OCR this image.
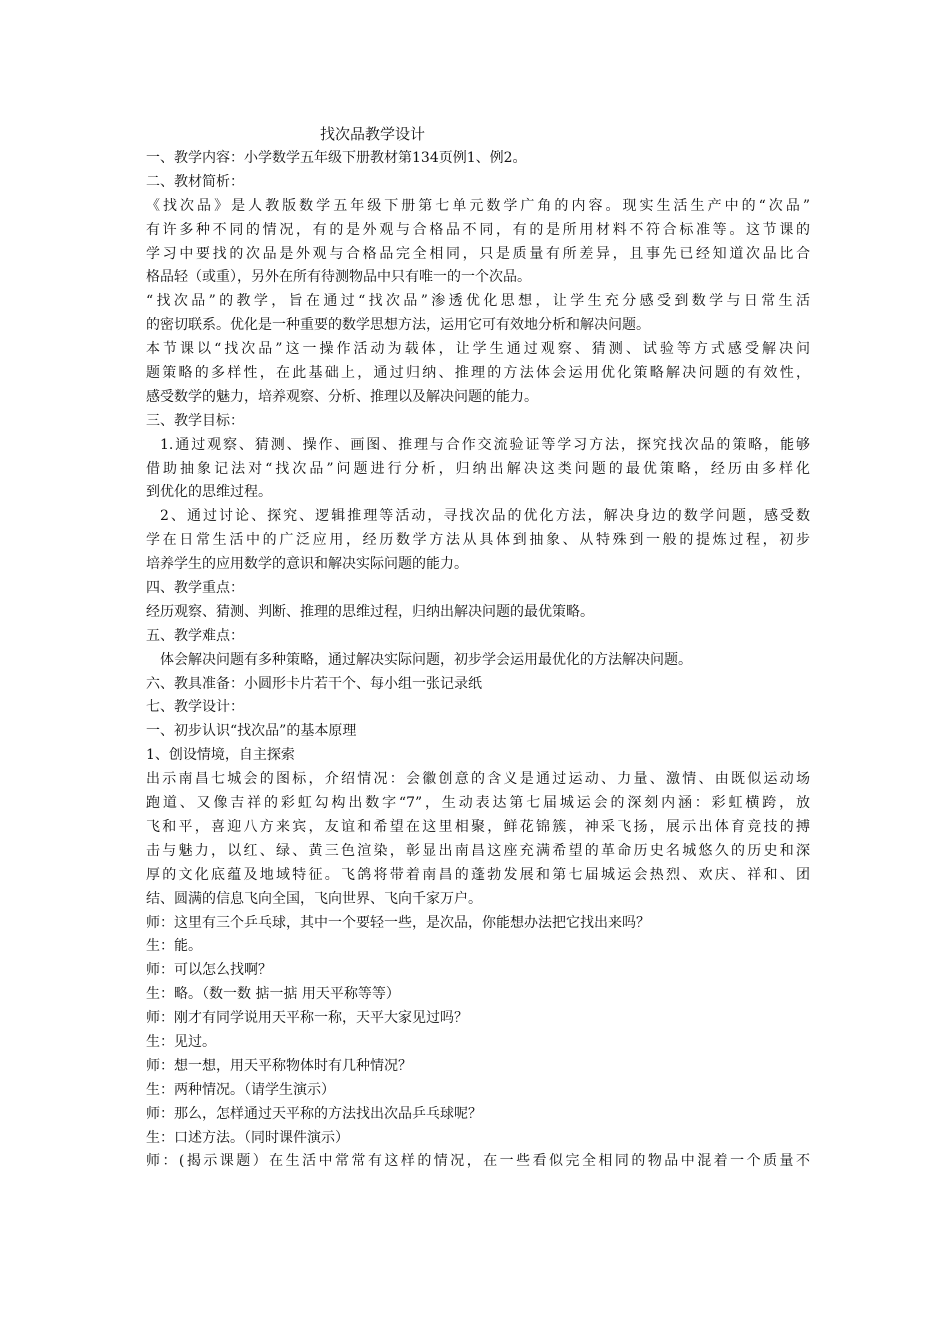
找次品教学设计
一、教学内容：小学数学五年级下册教材第134页例1、例2。
二、教材简析：
《找次品》是人教版数学五年级下册第七单元数学广角的内容。现实生活生产中的“次品”
有许多种不同的情况，有的是外观与合格品不同，有的是所用材料不符合标准等。这节课的
学习中要找的次品是外观与合格品完全相同，只是质量有所差异，且事先已经知道次品比合
格品轻（或重），另外在所有待测物品中只有唯一的一个次品。
“找次品”的教学，旨在通过“找次品”渗透优化思想，让学生充分感受到数学与日常生活
的密切联系。优化是一种重要的数学思想方法，运用它可有效地分析和解决问题。
本节课以“找次品”这一操作活动为载体，让学生通过观察、猜测、试验等方式感受解决问
题策略的多样性，在此基础上，通过归纳、推理的方法体会运用优化策略解决问题的有效性，
感受数学的魅力，培养观察、分析、推理以及解决问题的能力。
三、教学目标：
1.通过观察、猜测、操作、画图、推理与合作交流验证等学习方法，探究找次品的策略，能够
借助抽象记法对“找次品”问题进行分析，归纳出解决这类问题的最优策略，经历由多样化
到优化的思维过程。
2、通过讨论、探究、逻辑推理等活动，寻找次品的优化方法，解决身边的数学问题，感受数
学在日常生活中的广泛应用，经历数学方法从具体到抽象、从特殊到一般的提炼过程，初步
培养学生的应用数学的意识和解决实际问题的能力。
四、教学重点：
经历观察、猜测、判断、推理的思维过程，归纳出解决问题的最优策略。
五、教学难点：
体会解决问题有多种策略，通过解决实际问题，初步学会运用最优化的方法解决问题。
六、教具准备：小圆形卡片若干个、每小组一张记录纸
七、教学设计：
一、初步认识“找次品”的基本原理
1、创设情境，自主探索
出示南昌七城会的图标，介绍情况：会徽创意的含义是通过运动、力量、激情、由既似运动场
跑道、又像吉祥的彩虹勾构出数字“7”，生动表达第七届城运会的深刻内涵：彩虹横跨，放
飞和平，喜迎八方来宾，友谊和希望在这里相聚，鲜花锦簇，神采飞扬，展示出体育竞技的搏
击与魅力，以红、绿、黄三色渲染，彰显出南昌这座充满希望的革命历史名城悠久的历史和深
厚的文化底蕴及地域特征。飞鸽将带着南昌的蓬勃发展和第七届城运会热烈、欢庆、祥和、团
结、圆满的信息飞向全国，飞向世界、飞向千家万户。
师：这里有三个乒乓球，其中一个要轻一些，是次品，你能想办法把它找出来吗？
生：能。
师：可以怎么找啊？
生：略。（数一数 掂一掂 用天平称等等）
师：刚才有同学说用天平称一称，天平大家见过吗？
生：见过。
师：想一想，用天平称物体时有几种情况？
生：两种情况。（请学生演示）
师：那么，怎样通过天平称的方法找出次品乒乓球呢？
生：口述方法。（同时课件演示）
师：(揭示课题）在生活中常常有这样的情况，在一些看似完全相同的物品中混着一个质量不
